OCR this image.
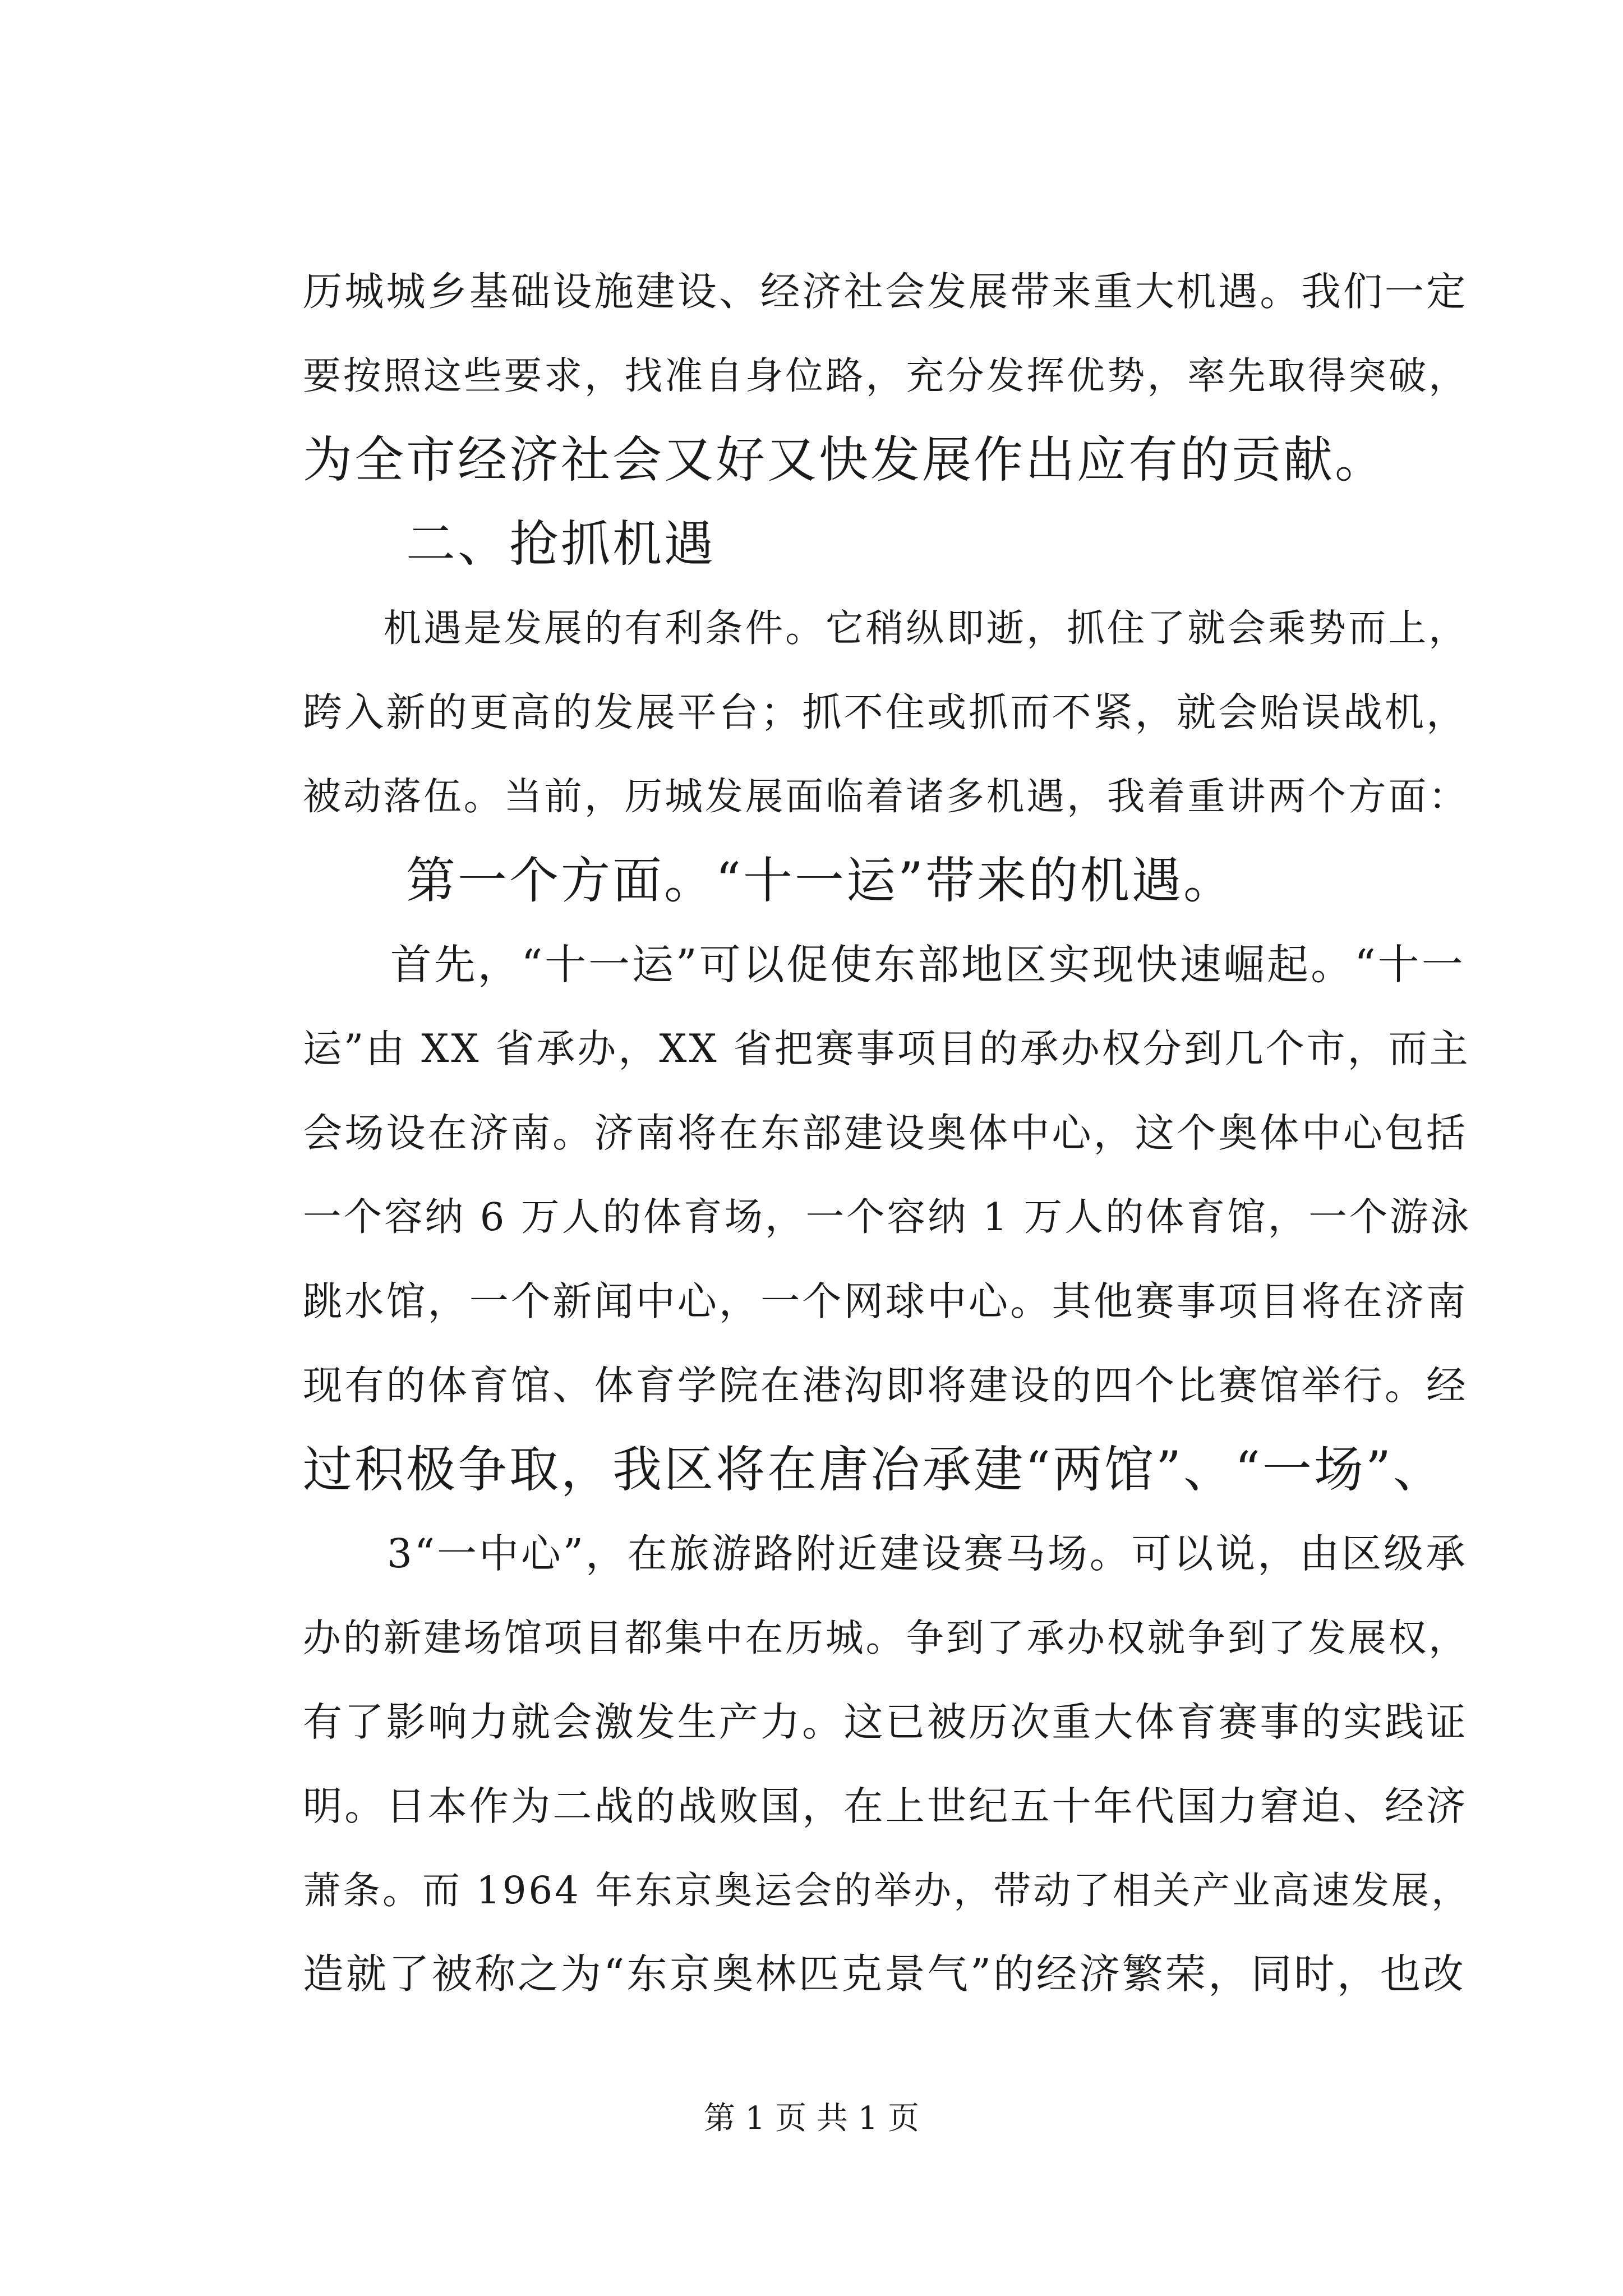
历城城乡基础设施建设、经济社会发展带来重大机遇。我们一定
要按照这些要求，找准自身位路，充分发挥优势，率先取得突破，
为全市经济社会又好又快发展作出应有的贡献。
　　二、抢抓机遇
　　机遇是发展的有利条件。它稍纵即逝，抓住了就会乘势而上，
跨入新的更高的发展平台；抓不住或抓而不紧，就会贻误战机，
被动落伍。当前，历城发展面临着诸多机遇，我着重讲两个方面：
　　第一个方面。“十一运”带来的机遇。
　　首先，“十一运”可以促使东部地区实现快速崛起。“十一
运”由 XX 省承办，XX 省把赛事项目的承办权分到几个市，而主
会场设在济南。济南将在东部建设奥体中心，这个奥体中心包括
一个容纳 6 万人的体育场，一个容纳 1 万人的体育馆，一个游泳
跳水馆，一个新闻中心，一个网球中心。其他赛事项目将在济南
现有的体育馆、体育学院在港沟即将建设的四个比赛馆举行。经
过积极争取，我区将在唐冶承建“两馆”、“一场”、
　　3“一中心”，在旅游路附近建设赛马场。可以说，由区级承
办的新建场馆项目都集中在历城。争到了承办权就争到了发展权，
有了影响力就会激发生产力。这已被历次重大体育赛事的实践证
明。日本作为二战的战败国，在上世纪五十年代国力窘迫、经济
萧条。而 1964 年东京奥运会的举办，带动了相关产业高速发展，
造就了被称之为“东京奥林匹克景气”的经济繁荣，同时，也改
第 1 页 共 1 页
